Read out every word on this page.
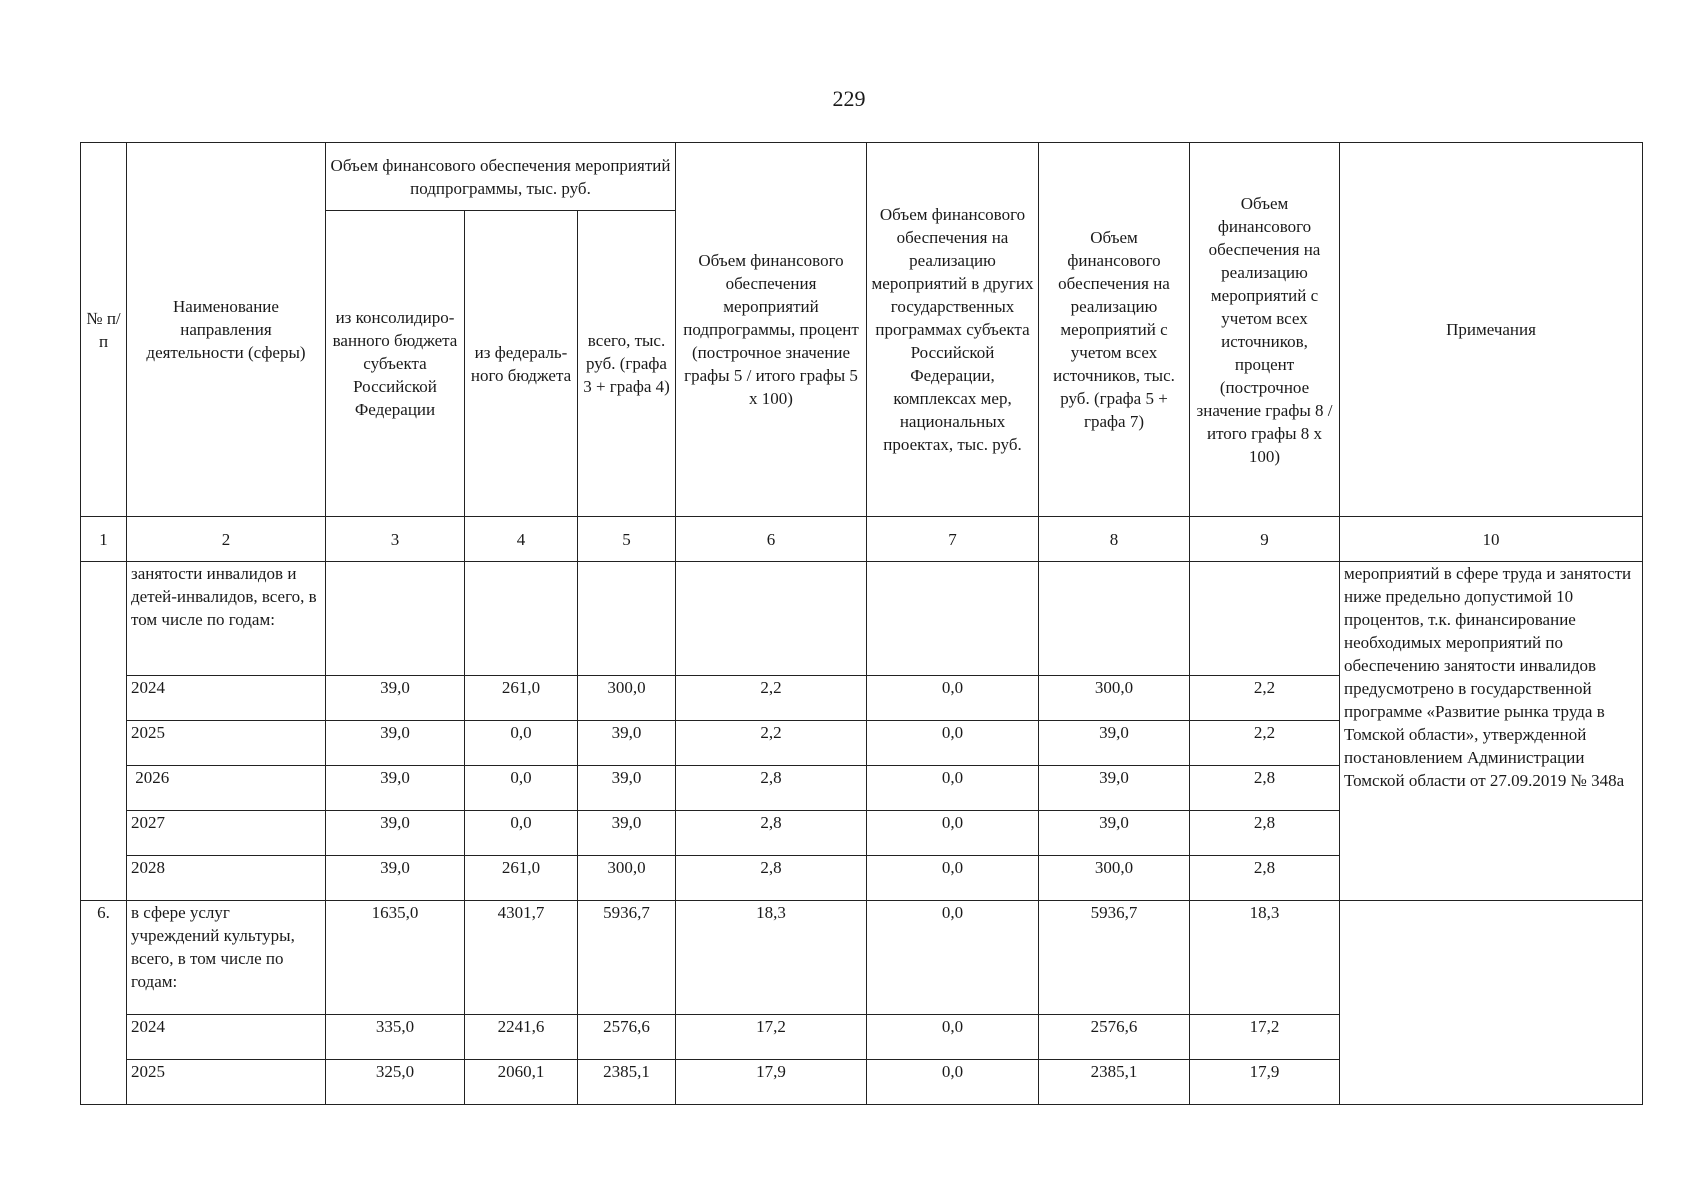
229
№ п/п	Наименование направления деятельности (сферы)	Объем финансового обеспечения мероприятий подпрограммы, тыс. руб.			Объем финансового обеспечения мероприятий подпрограммы, процент (построчное значение графы 5 / итого графы 5 х 100)	Объем финансового обеспечения на реализацию мероприятий в других государственных программах субъекта Российской Федерации, комплексах мер, национальных проектах, тыс. руб.	Объем финансового обеспечения на реализацию мероприятий с учетом всех источников, тыс. руб. (графа 5 + графа 7)	Объем финансового обеспечения на реализацию мероприятий с учетом всех источников, процент (построчное значение графы 8 / итого графы 8 х 100)	Примечания
		из консолидиро-ванного бюджета субъекта Российской Федерации	из федераль-ного бюджета	всего, тыс. руб. (графа 3 + графа 4)					
1	2	3	4	5	6	7	8	9	10
	занятости инвалидов и детей-инвалидов, всего, в том числе по годам:								мероприятий в сфере труда и занятости ниже предельно допустимой 10 процентов, т.к. финансирование необходимых мероприятий по обеспечению занятости инвалидов предусмотрено в государственной программе «Развитие рынка труда в Томской области», утвержденной постановлением Администрации Томской области от 27.09.2019 № 348а
	2024	39,0	261,0	300,0	2,2	0,0	300,0	2,2	
	2025	39,0	0,0	39,0	2,2	0,0	39,0	2,2	
	2026	39,0	0,0	39,0	2,8	0,0	39,0	2,8	
	2027	39,0	0,0	39,0	2,8	0,0	39,0	2,8	
	2028	39,0	261,0	300,0	2,8	0,0	300,0	2,8	
6.	в сфере услуг учреждений культуры, всего, в том числе по годам:	1635,0	4301,7	5936,7	18,3	0,0	5936,7	18,3	
	2024	335,0	2241,6	2576,6	17,2	0,0	2576,6	17,2	
	2025	325,0	2060,1	2385,1	17,9	0,0	2385,1	17,9	
